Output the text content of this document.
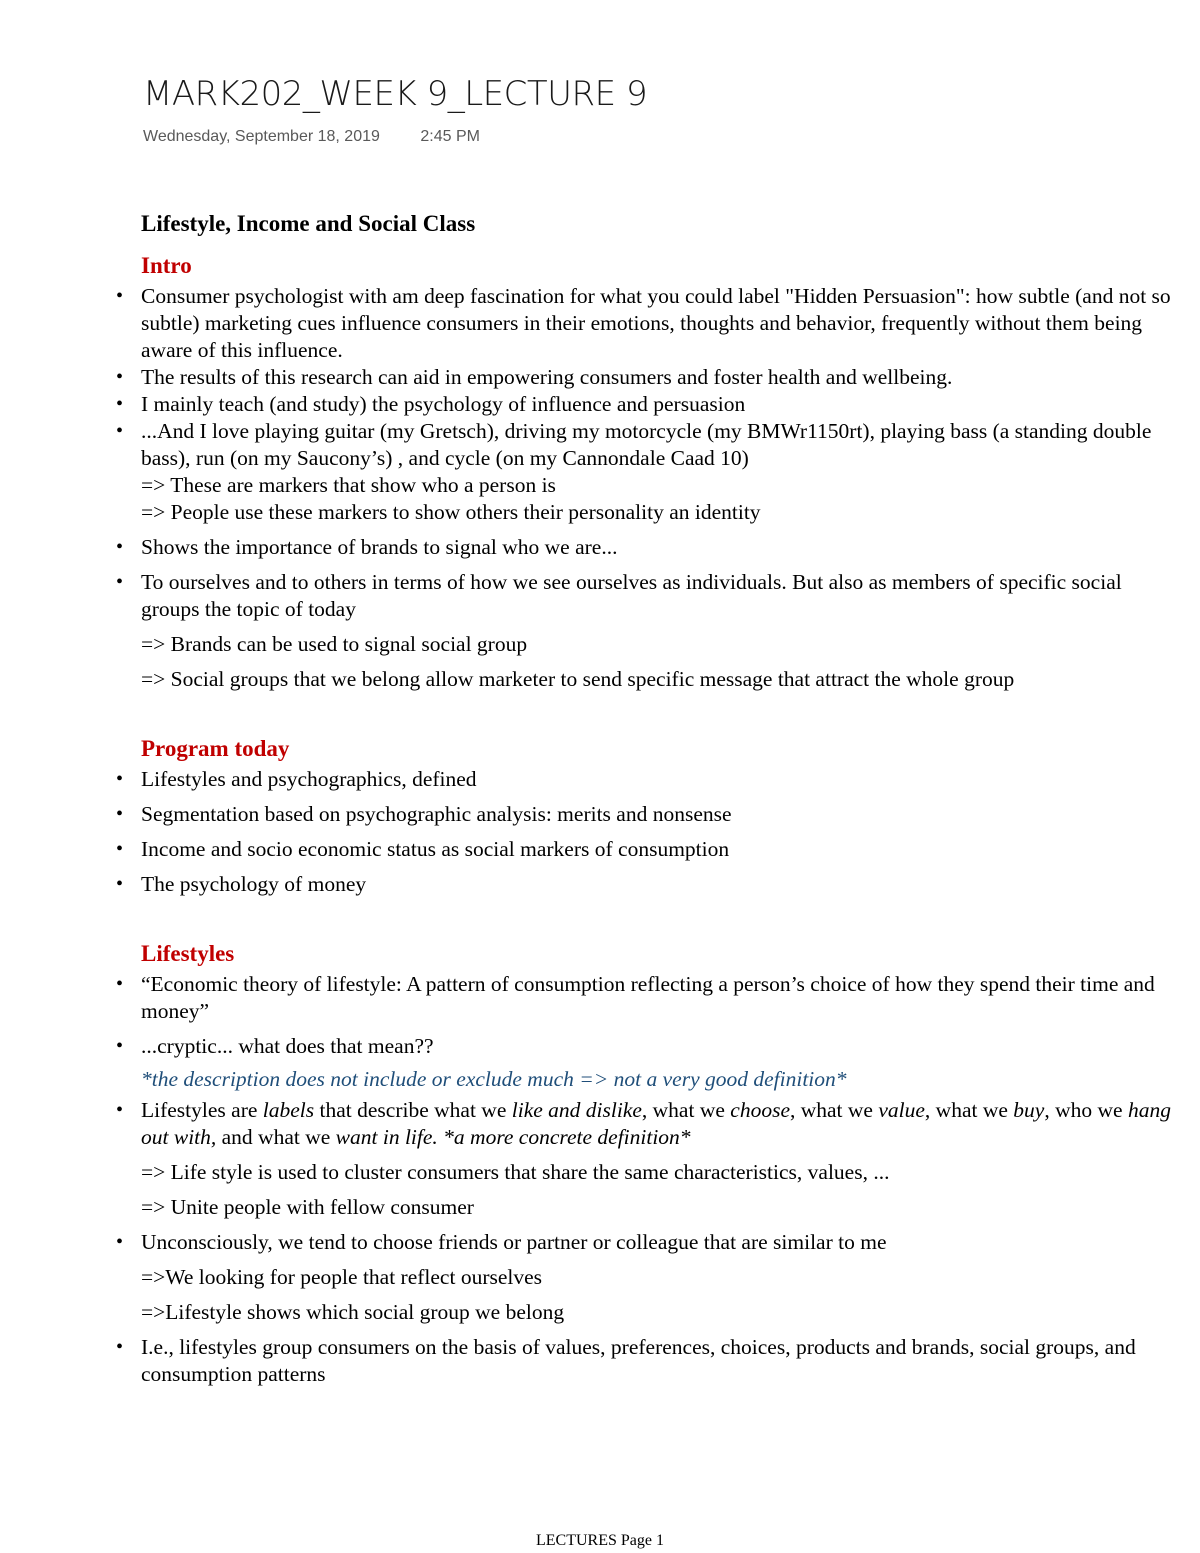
MARK202_WEEK 9_LECTURE 9
Wednesday, September 18, 2019	2:45 PM
Lifestyle, Income and Social Class
Intro
• Consumer psychologist with am deep fascination for what you could label "Hidden Persuasion": how subtle (and not so subtle) marketing cues influence consumers in their emotions, thoughts and behavior, frequently without them being aware of this influence.
• The results of this research can aid in empowering consumers and foster health and wellbeing.
• I mainly teach (and study) the psychology of influence and persuasion
• ...And I love playing guitar (my Gretsch), driving my motorcycle (my BMWr1150rt), playing bass (a standing double bass), run (on my Saucony’s) , and cycle (on my Cannondale Caad 10)
=> These are markers that show who a person is
=> People use these markers to show others their personality an identity
• Shows the importance of brands to signal who we are...
• To ourselves and to others in terms of how we see ourselves as individuals. But also as members of specific social groups the topic of today
=> Brands can be used to signal social group
=> Social groups that we belong allow marketer to send specific message that attract the whole group
Program today
• Lifestyles and psychographics, defined
• Segmentation based on psychographic analysis: merits and nonsense
• Income and socio economic status as social markers of consumption
• The psychology of money
Lifestyles
• “Economic theory of lifestyle: A pattern of consumption reflecting a person’s choice of how they spend their time and money”
• ...cryptic... what does that mean??
*the description does not include or exclude much => not a very good definition*
• Lifestyles are labels that describe what we like and dislike, what we choose, what we value, what we buy, who we hang out with, and what we want in life. *a more concrete definition*
=> Life style is used to cluster consumers that share the same characteristics, values, ...
=> Unite people with fellow consumer
• Unconsciously, we tend to choose friends or partner or colleague that are similar to me
=>We looking for people that reflect ourselves
=>Lifestyle shows which social group we belong
• I.e., lifestyles group consumers on the basis of values, preferences, choices, products and brands, social groups, and consumption patterns
LECTURES Page 1
